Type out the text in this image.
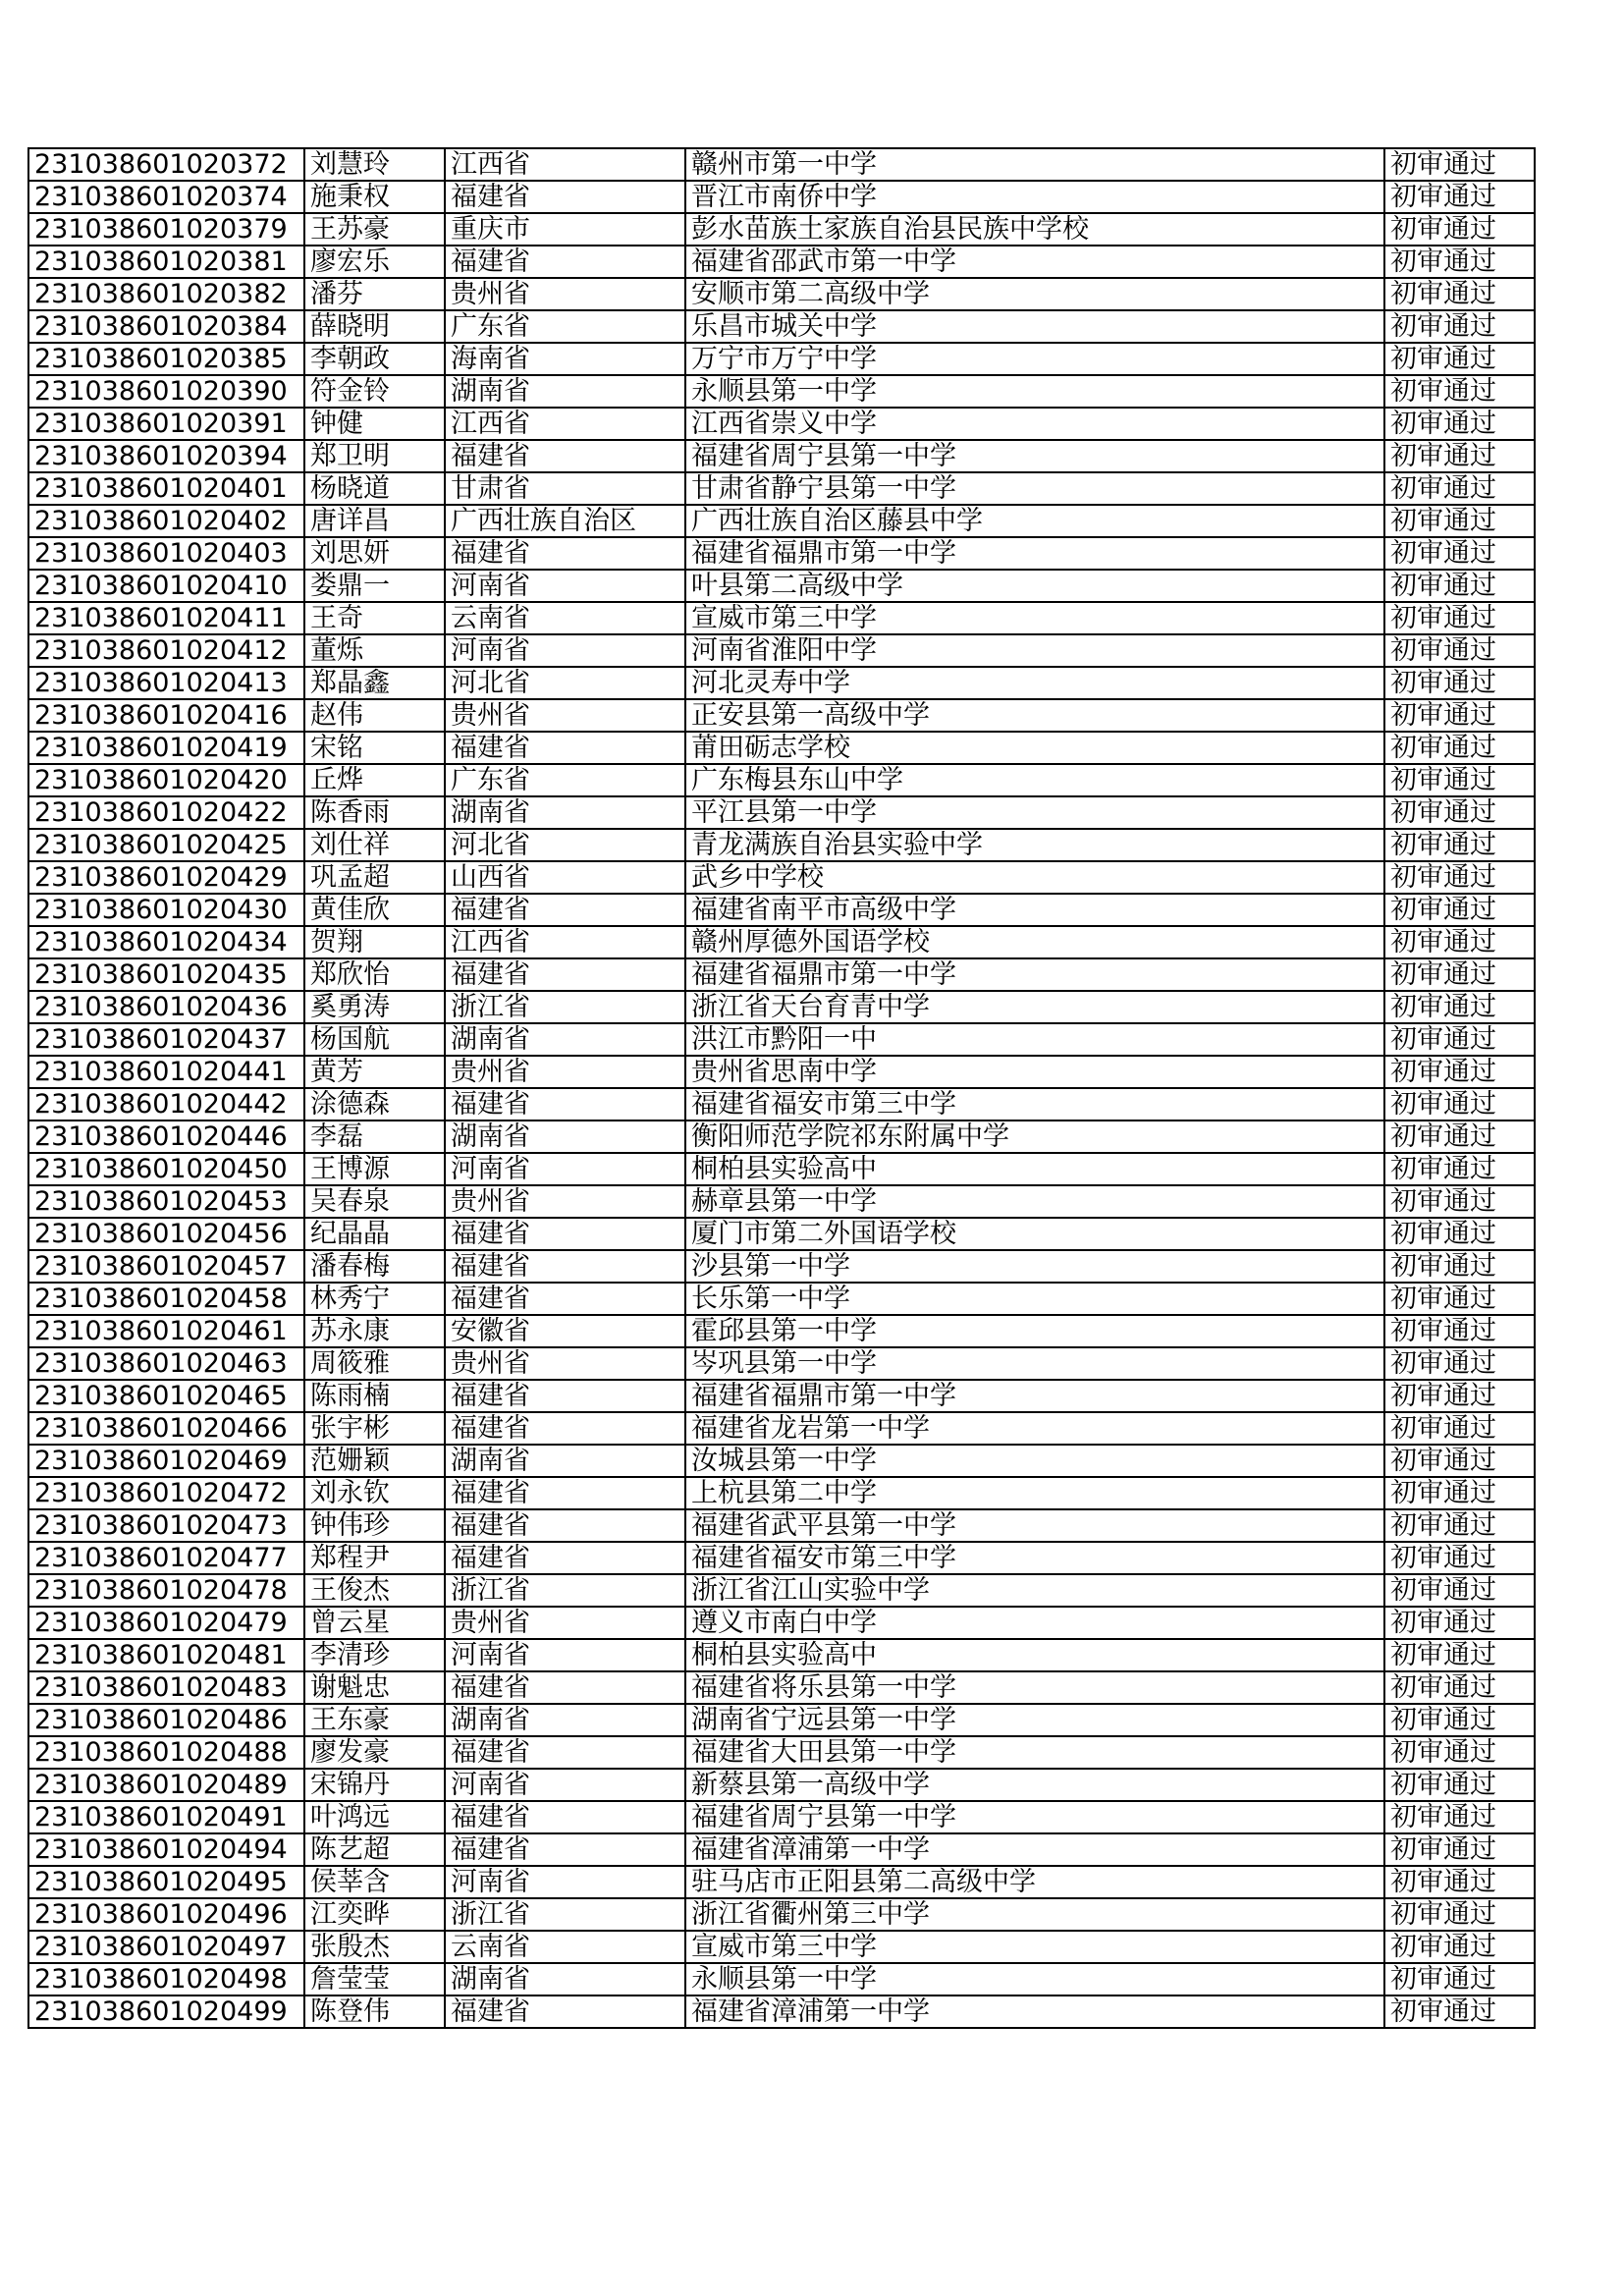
231038601020372	刘慧玲	江西省	赣州市第一中学	初审通过
231038601020374	施秉权	福建省	晋江市南侨中学	初审通过
231038601020379	王苏豪	重庆市	彭水苗族土家族自治县民族中学校	初审通过
231038601020381	廖宏乐	福建省	福建省邵武市第一中学	初审通过
231038601020382	潘芬	贵州省	安顺市第二高级中学	初审通过
231038601020384	薛晓明	广东省	乐昌市城关中学	初审通过
231038601020385	李朝政	海南省	万宁市万宁中学	初审通过
231038601020390	符金铃	湖南省	永顺县第一中学	初审通过
231038601020391	钟健	江西省	江西省崇义中学	初审通过
231038601020394	郑卫明	福建省	福建省周宁县第一中学	初审通过
231038601020401	杨晓道	甘肃省	甘肃省静宁县第一中学	初审通过
231038601020402	唐详昌	广西壮族自治区	广西壮族自治区藤县中学	初审通过
231038601020403	刘思妍	福建省	福建省福鼎市第一中学	初审通过
231038601020410	娄鼎一	河南省	叶县第二高级中学	初审通过
231038601020411	王奇	云南省	宣威市第三中学	初审通过
231038601020412	董烁	河南省	河南省淮阳中学	初审通过
231038601020413	郑晶鑫	河北省	河北灵寿中学	初审通过
231038601020416	赵伟	贵州省	正安县第一高级中学	初审通过
231038601020419	宋铭	福建省	莆田砺志学校	初审通过
231038601020420	丘烨	广东省	广东梅县东山中学	初审通过
231038601020422	陈香雨	湖南省	平江县第一中学	初审通过
231038601020425	刘仕祥	河北省	青龙满族自治县实验中学	初审通过
231038601020429	巩孟超	山西省	武乡中学校	初审通过
231038601020430	黄佳欣	福建省	福建省南平市高级中学	初审通过
231038601020434	贺翔	江西省	赣州厚德外国语学校	初审通过
231038601020435	郑欣怡	福建省	福建省福鼎市第一中学	初审通过
231038601020436	奚勇涛	浙江省	浙江省天台育青中学	初审通过
231038601020437	杨国航	湖南省	洪江市黔阳一中	初审通过
231038601020441	黄芳	贵州省	贵州省思南中学	初审通过
231038601020442	涂德森	福建省	福建省福安市第三中学	初审通过
231038601020446	李磊	湖南省	衡阳师范学院祁东附属中学	初审通过
231038601020450	王博源	河南省	桐柏县实验高中	初审通过
231038601020453	吴春泉	贵州省	赫章县第一中学	初审通过
231038601020456	纪晶晶	福建省	厦门市第二外国语学校	初审通过
231038601020457	潘春梅	福建省	沙县第一中学	初审通过
231038601020458	林秀宁	福建省	长乐第一中学	初审通过
231038601020461	苏永康	安徽省	霍邱县第一中学	初审通过
231038601020463	周筱雅	贵州省	岑巩县第一中学	初审通过
231038601020465	陈雨楠	福建省	福建省福鼎市第一中学	初审通过
231038601020466	张宇彬	福建省	福建省龙岩第一中学	初审通过
231038601020469	范姗颖	湖南省	汝城县第一中学	初审通过
231038601020472	刘永钦	福建省	上杭县第二中学	初审通过
231038601020473	钟伟珍	福建省	福建省武平县第一中学	初审通过
231038601020477	郑程尹	福建省	福建省福安市第三中学	初审通过
231038601020478	王俊杰	浙江省	浙江省江山实验中学	初审通过
231038601020479	曾云星	贵州省	遵义市南白中学	初审通过
231038601020481	李清珍	河南省	桐柏县实验高中	初审通过
231038601020483	谢魁忠	福建省	福建省将乐县第一中学	初审通过
231038601020486	王东豪	湖南省	湖南省宁远县第一中学	初审通过
231038601020488	廖发豪	福建省	福建省大田县第一中学	初审通过
231038601020489	宋锦丹	河南省	新蔡县第一高级中学	初审通过
231038601020491	叶鸿远	福建省	福建省周宁县第一中学	初审通过
231038601020494	陈艺超	福建省	福建省漳浦第一中学	初审通过
231038601020495	侯莘含	河南省	驻马店市正阳县第二高级中学	初审通过
231038601020496	江奕晔	浙江省	浙江省衢州第三中学	初审通过
231038601020497	张殷杰	云南省	宣威市第三中学	初审通过
231038601020498	詹莹莹	湖南省	永顺县第一中学	初审通过
231038601020499	陈登伟	福建省	福建省漳浦第一中学	初审通过
